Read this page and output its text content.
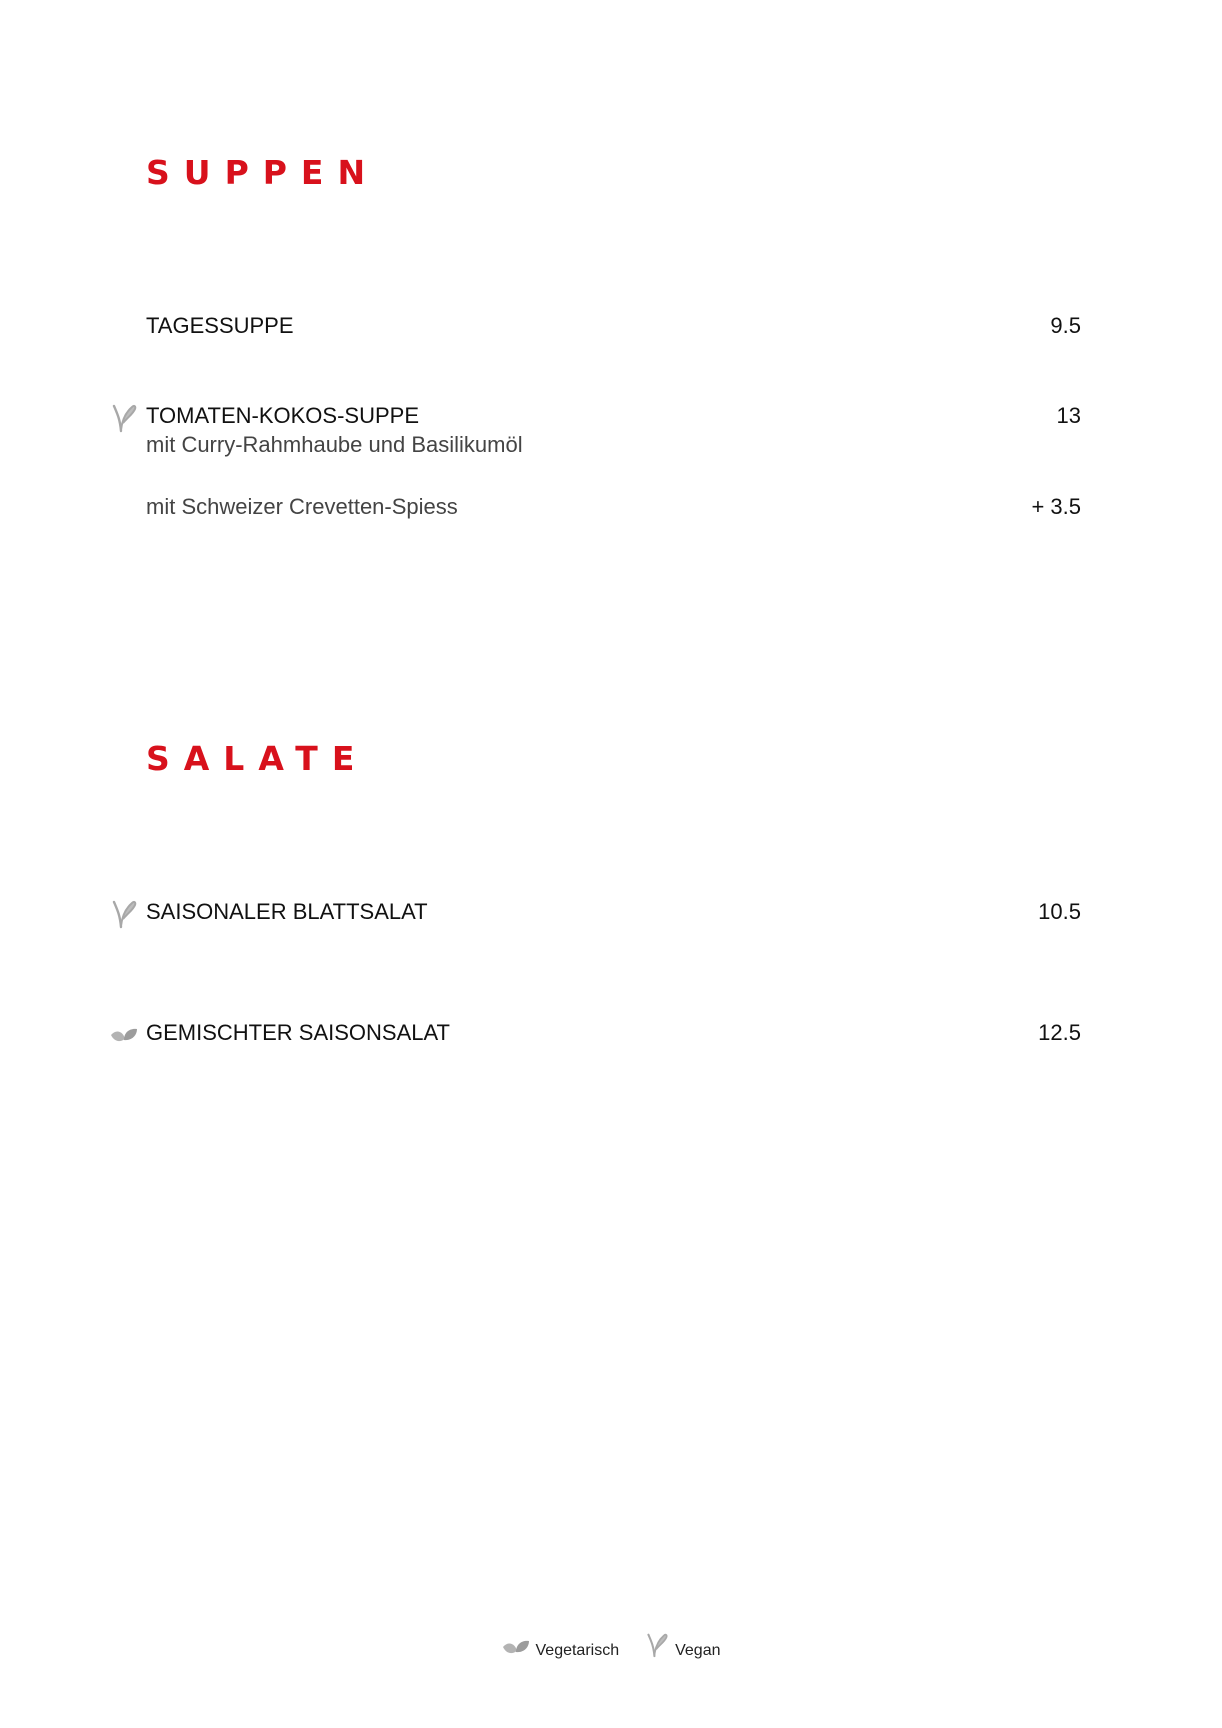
SUPPEN
TAGESSUPPE	9.5
TOMATEN-KOKOS-SUPPE	13
mit Curry-Rahmhaube und Basilikumöl
mit Schweizer Crevetten-Spiess	+ 3.5
SALATE
SAISONALER BLATTSALAT	10.5
GEMISCHTER SAISONSALAT	12.5
Vegetarisch	Vegan
